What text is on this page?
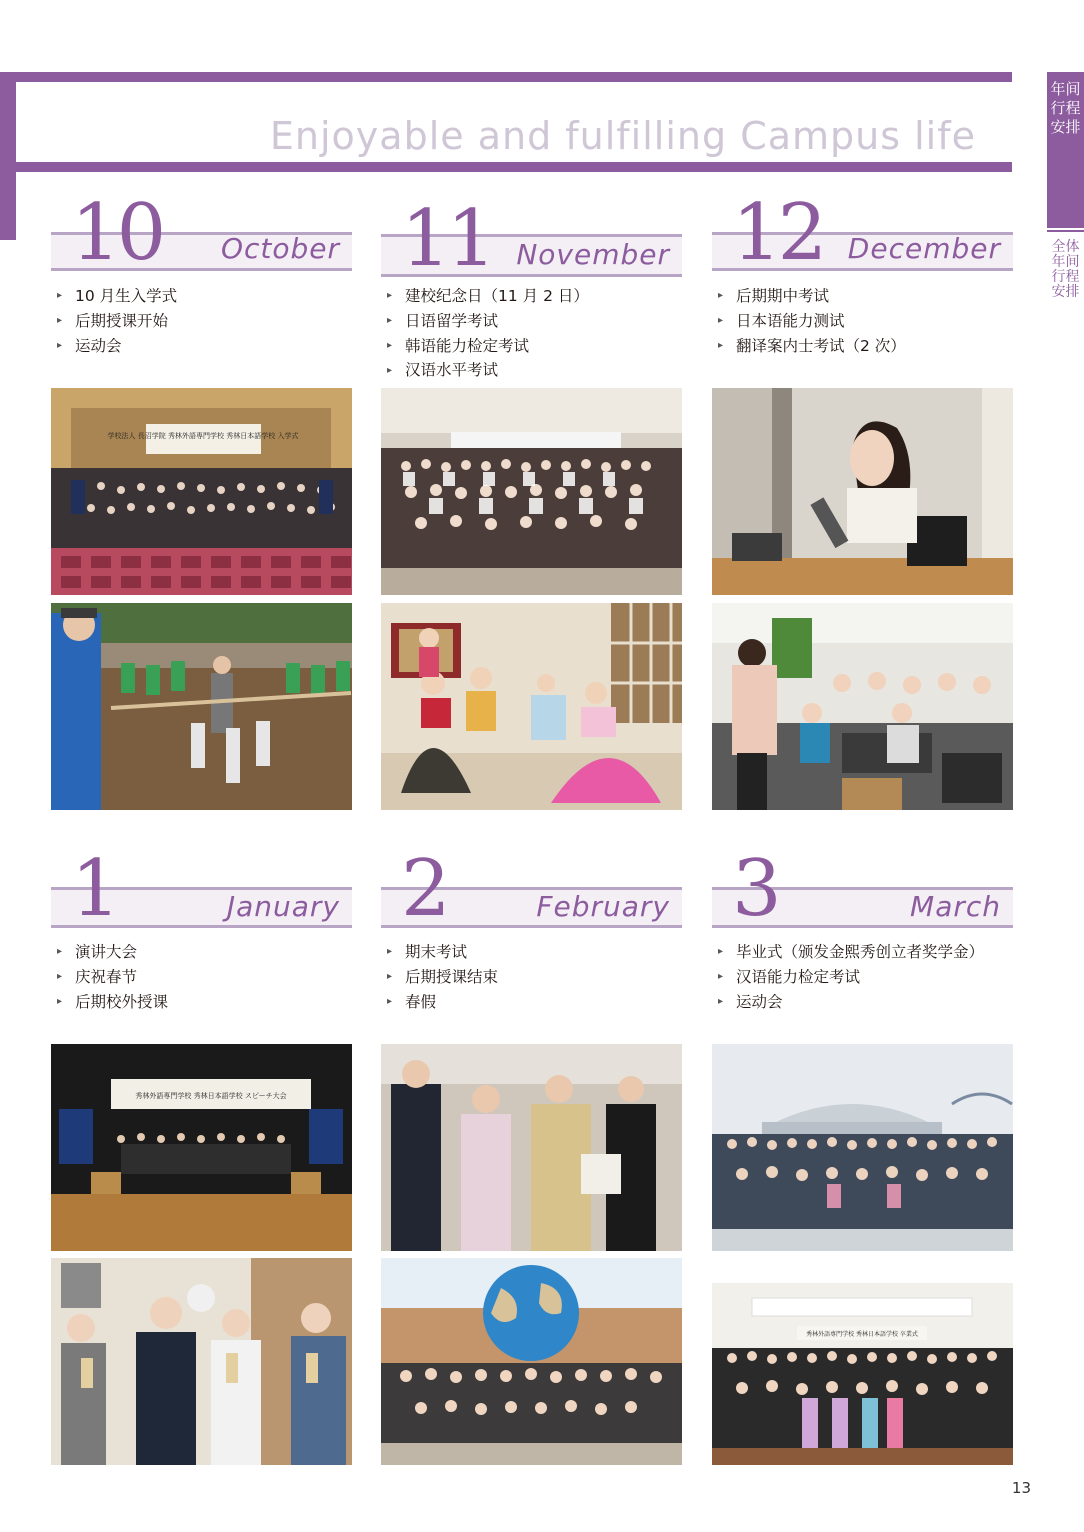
Enjoyable and fulfilling Campus life
年间行程安排
全体年间行程安排
10 October
▸ 10 月生入学式
▸ 后期授课开始
▸ 运动会
11 November
▸ 建校纪念日（11 月 2 日）
▸ 日语留学考试
▸ 韩语能力检定考试
▸ 汉语水平考试
12 December
▸ 后期期中考试
▸ 日本语能力测试
▸ 翻译案内士考试（2 次）
学校法人 長沼学院 秀林外語専門学校 秀林日本語学校 入学式
1	January
▸ 演讲大会
▸ 庆祝春节
▸ 后期校外授课
2	February
▸ 期末考试
▸ 后期授课结束
▸ 春假
3	March
▸ 毕业式（颁发金熙秀创立者奖学金）
▸ 汉语能力检定考试
▸ 运动会
秀林外語専門学校 秀林日本語学校 スピーチ大会
秀林外語専門学校 秀林日本語学校 卒業式
13
